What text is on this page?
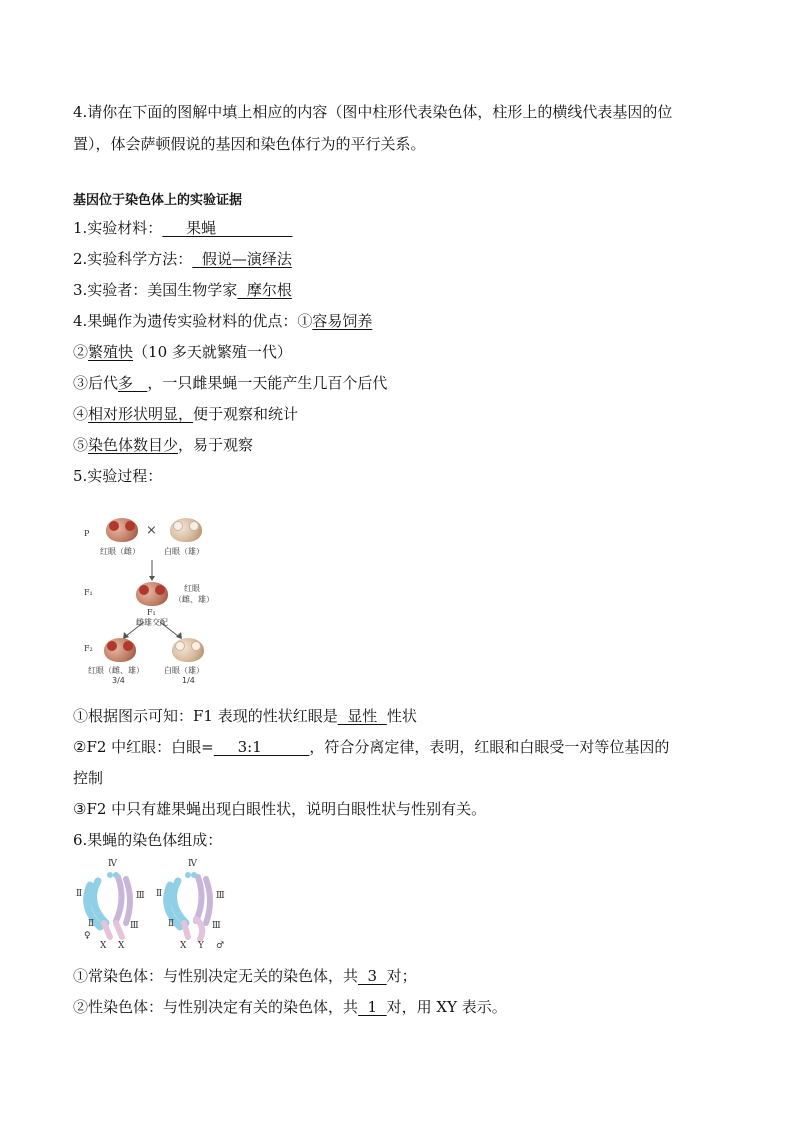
4.请你在下面的图解中填上相应的内容（图中柱形代表染色体，柱形上的横线代表基因的位
置），体会萨顿假说的基因和染色体行为的平行关系。
基因位于染色体上的实验证据
1.实验材料：     果蝇
2.实验科学方法：  假说—演绎法
3.实验者：美国生物学家  摩尔根
4.果蝇作为遗传实验材料的优点：①容易饲养
②繁殖快（10 多天就繁殖一代）
③后代多   ，一只雌果蝇一天能产生几百个后代
④相对形状明显，便于观察和统计
⑤染色体数目少，易于观察
5.实验过程：
P
红眼（雌）
×
白眼（雄）
F₁	红眼
（雌、雄）
F₁
雌雄交配
F₂
红眼（雌、雄）
3/4
白眼（雄）
1/4
①根据图示可知：F1 表现的性状红眼是  显性  性状
②F2 中红眼：白眼=     3:1          ，符合分离定律，表明，红眼和白眼受一对等位基因的
控制
③F2 中只有雄果蝇出现白眼性状，说明白眼性状与性别有关。
6.果蝇的染色体组成：
Ⅳ
Ⅱ	Ⅲ
Ⅱ	Ⅲ
♀
X X
Ⅳ
Ⅱ	Ⅲ
Ⅱ	Ⅲ
X Y ♂
①常染色体：与性别决定无关的染色体，共  3  对；
②性染色体：与性别决定有关的染色体，共  1  对，用 XY 表示。
